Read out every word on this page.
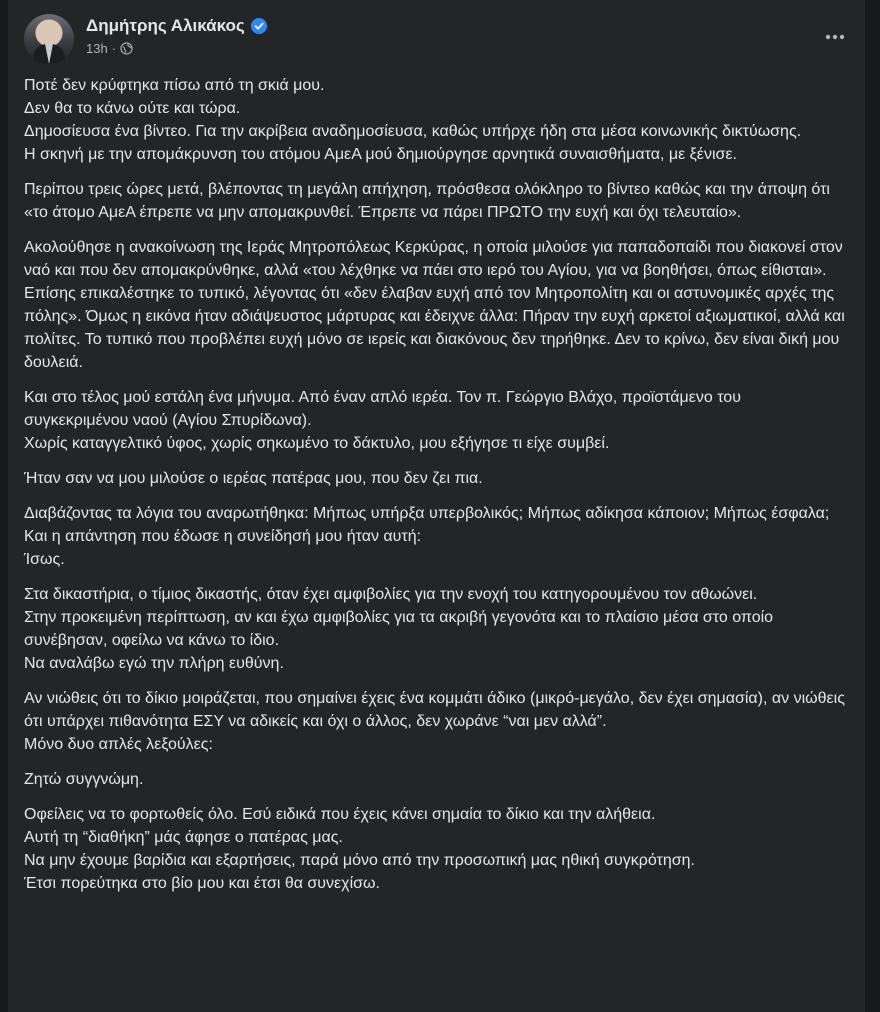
Δημήτρης Αλικάκος
13h ·

Ποτέ δεν κρύφτηκα πίσω από τη σκιά μου.
Δεν θα το κάνω ούτε και τώρα.
Δημοσίευσα ένα βίντεο. Για την ακρίβεια αναδημοσίευσα, καθώς υπήρχε ήδη στα μέσα κοινωνικής δικτύωσης.
Η σκηνή με την απομάκρυνση του ατόμου ΑμεΑ μού δημιούργησε αρνητικά συναισθήματα, με ξένισε.

Περίπου τρεις ώρες μετά, βλέποντας τη μεγάλη απήχηση, πρόσθεσα ολόκληρο το βίντεο καθώς και την άποψη ότι «το άτομο ΑμεΑ έπρεπε να μην απομακρυνθεί. Έπρεπε να πάρει ΠΡΩΤΟ την ευχή και όχι τελευταίο».

Ακολούθησε η ανακοίνωση της Ιεράς Μητροπόλεως Κερκύρας, η οποία μιλούσε για παπαδοπαίδι που διακονεί στον ναό και που δεν απομακρύνθηκε, αλλά «του λέχθηκε να πάει στο ιερό του Αγίου, για να βοηθήσει, όπως είθισται». Επίσης επικαλέστηκε το τυπικό, λέγοντας ότι «δεν έλαβαν ευχή από τον Μητροπολίτη και οι αστυνομικές αρχές της πόλης». Όμως η εικόνα ήταν αδιάψευστος μάρτυρας και έδειχνε άλλα: Πήραν την ευχή αρκετοί αξιωματικοί, αλλά και πολίτες. Το τυπικό που προβλέπει ευχή μόνο σε ιερείς και διακόνους δεν τηρήθηκε. Δεν το κρίνω, δεν είναι δική μου δουλειά.

Και στο τέλος μού εστάλη ένα μήνυμα. Από έναν απλό ιερέα. Τον π. Γεώργιο Βλάχο, προϊστάμενο του συγκεκριμένου ναού (Αγίου Σπυρίδωνα).
Χωρίς καταγγελτικό ύφος, χωρίς σηκωμένο το δάκτυλο, μου εξήγησε τι είχε συμβεί.

Ήταν σαν να μου μιλούσε ο ιερέας πατέρας μου, που δεν ζει πια.

Διαβάζοντας τα λόγια του αναρωτήθηκα: Μήπως υπήρξα υπερβολικός; Μήπως αδίκησα κάποιον; Μήπως έσφαλα;
Και η απάντηση που έδωσε η συνείδησή μου ήταν αυτή:
Ίσως.

Στα δικαστήρια, ο τίμιος δικαστής, όταν έχει αμφιβολίες για την ενοχή του κατηγορουμένου τον αθωώνει.
Στην προκειμένη περίπτωση, αν και έχω αμφιβολίες για τα ακριβή γεγονότα και το πλαίσιο μέσα στο οποίο συνέβησαν, οφείλω να κάνω το ίδιο.
Να αναλάβω εγώ την πλήρη ευθύνη.

Αν νιώθεις ότι το δίκιο μοιράζεται, που σημαίνει έχεις ένα κομμάτι άδικο (μικρό-μεγάλο, δεν έχει σημασία), αν νιώθεις ότι υπάρχει πιθανότητα ΕΣΥ να αδικείς και όχι ο άλλος, δεν χωράνε “ναι μεν αλλά”.
Μόνο δυο απλές λεξούλες:

Ζητώ συγγνώμη.

Οφείλεις να το φορτωθείς όλο. Εσύ ειδικά που έχεις κάνει σημαία το δίκιο και την αλήθεια.
Αυτή τη “διαθήκη” μάς άφησε ο πατέρας μας.
Να μην έχουμε βαρίδια και εξαρτήσεις, παρά μόνο από την προσωπική μας ηθική συγκρότηση.
Έτσι πορεύτηκα στο βίο μου και έτσι θα συνεχίσω.
